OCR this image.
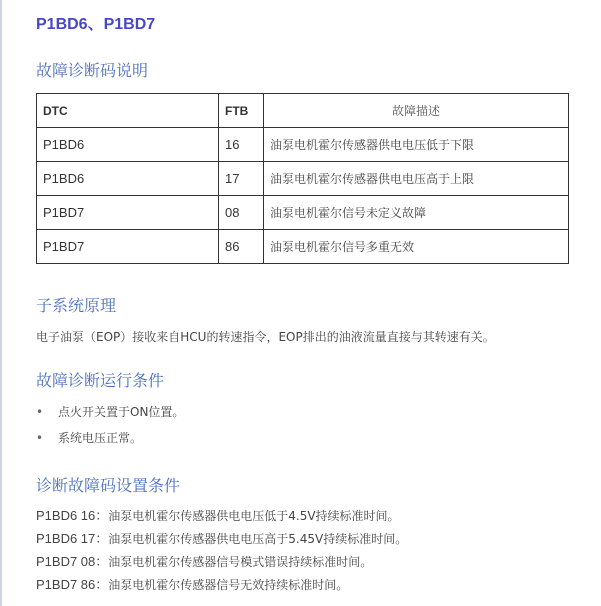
P1BD6、P1BD7
故障诊断码说明
DTC	FTB	故障描述
P1BD6	16	油泵电机霍尔传感器供电电压低于下限
P1BD6	17	油泵电机霍尔传感器供电电压高于上限
P1BD7	08	油泵电机霍尔信号未定义故障
P1BD7	86	油泵电机霍尔信号多重无效
子系统原理
电子油泵（EOP）接收来自HCU的转速指令，EOP排出的油液流量直接与其转速有关。
故障诊断运行条件
• 点火开关置于ON位置。
• 系统电压正常。
诊断故障码设置条件
P1BD6 16：油泵电机霍尔传感器供电电压低于4.5V持续标准时间。
P1BD6 17：油泵电机霍尔传感器供电电压高于5.45V持续标准时间。
P1BD7 08：油泵电机霍尔传感器信号模式错误持续标准时间。
P1BD7 86：油泵电机霍尔传感器信号无效持续标准时间。
